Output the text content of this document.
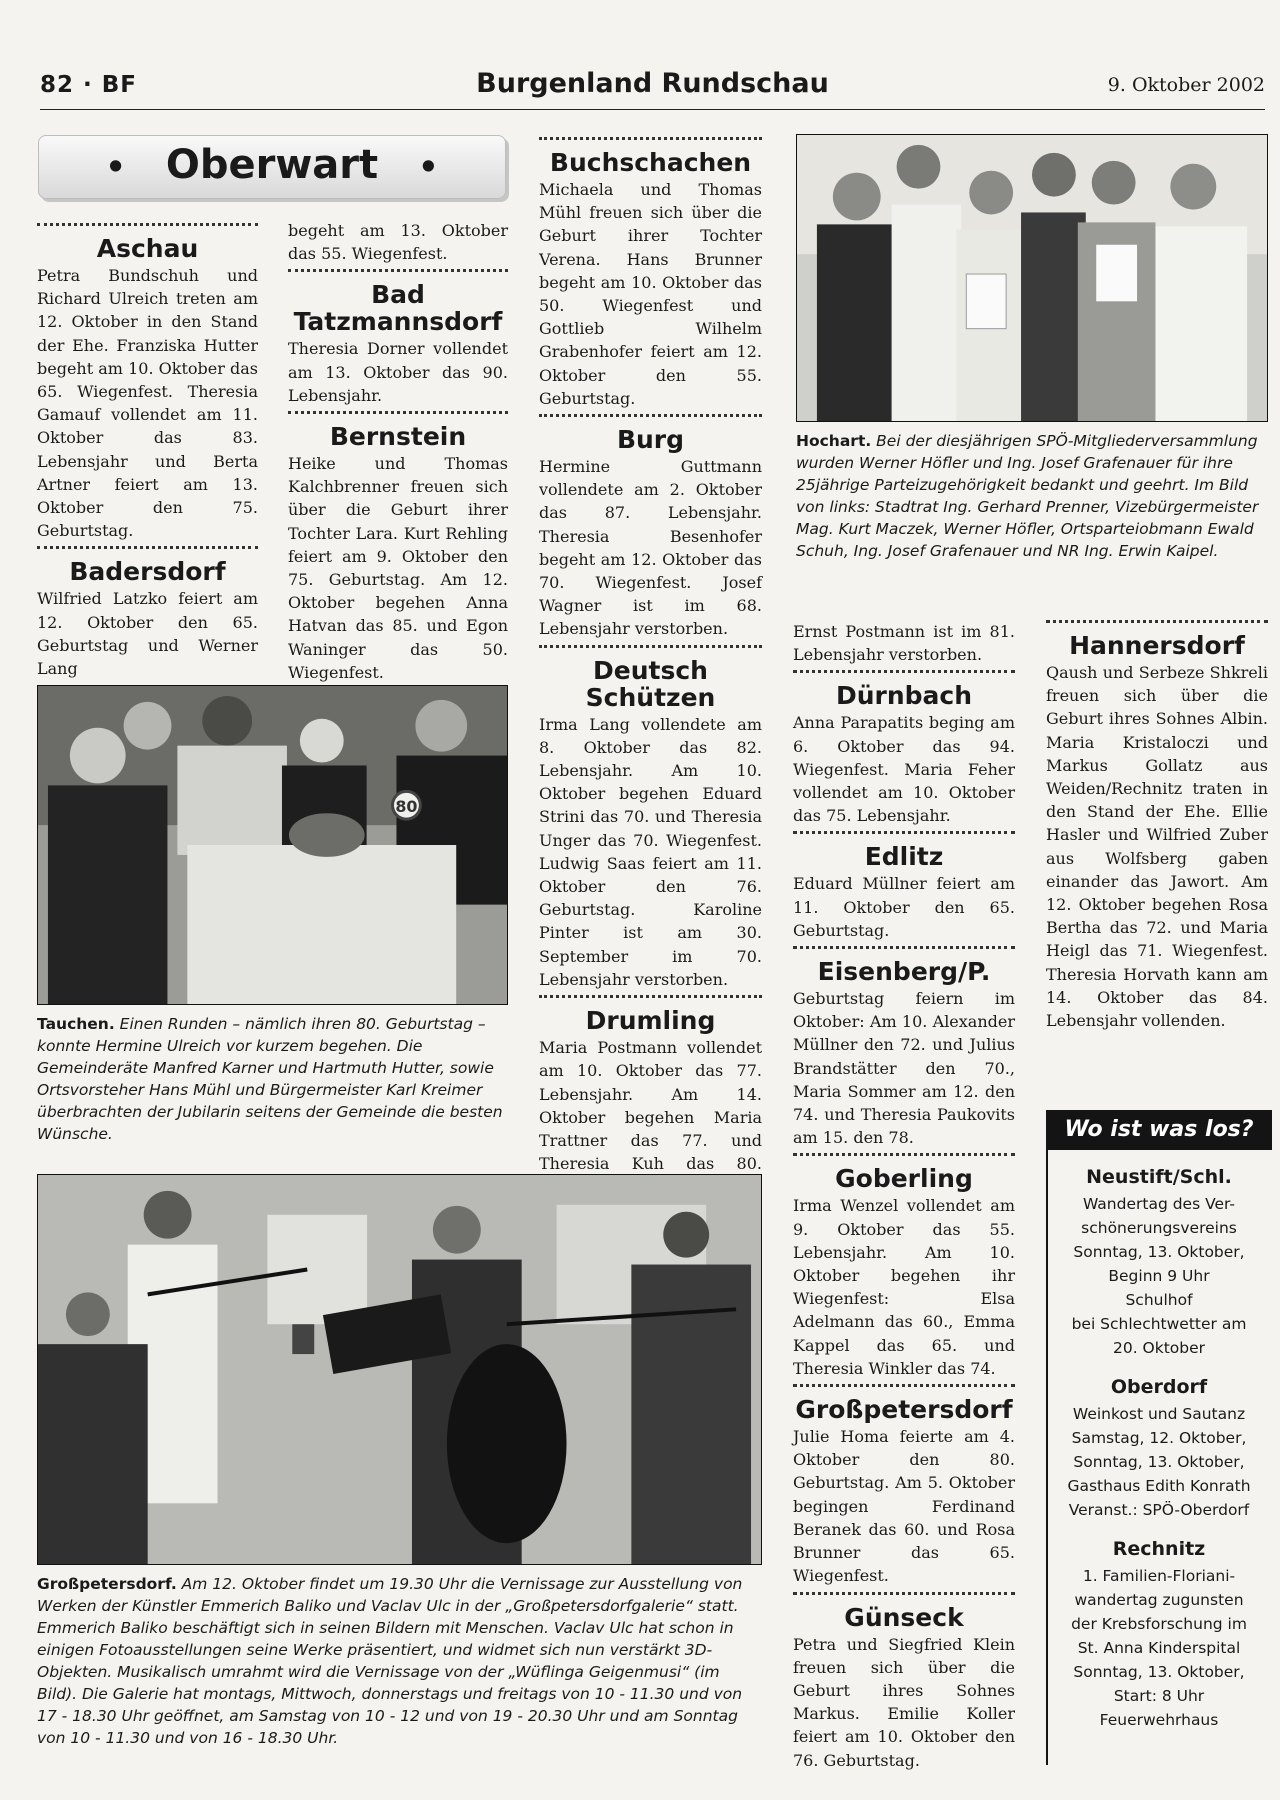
82 · BF	Burgenland Rundschau	9. Oktober 2002
• Oberwart •
Aschau

Petra Bundschuh und Richard Ulreich treten am 12. Oktober in den Stand der Ehe. Franziska Hutter begeht am 10. Oktober das 65. Wiegenfest. Theresia Gamauf vollendet am 11. Oktober das 83. Lebensjahr und Berta Artner feiert am 13. Oktober den 75. Geburtstag.

Badersdorf

Wilfried Latzko feiert am 12. Oktober den 65. Geburtstag und Werner Lang

begeht am 13. Oktober das 55. Wiegenfest.

Bad Tatzmannsdorf

Theresia Dorner vollendet am 13. Oktober das 90. Lebensjahr.

Bernstein

Heike und Thomas Kalchbrenner freuen sich über die Geburt ihrer Tochter Lara. Kurt Rehling feiert am 9. Oktober den 75. Geburtstag. Am 12. Oktober begehen Anna Hatvan das 85. und Egon Waninger das 50. Wiegenfest.

Buchschachen

Michaela und Thomas Mühl freuen sich über die Geburt ihrer Tochter Verena. Hans Brunner begeht am 10. Oktober das 50. Wiegenfest und Gottlieb Wilhelm Grabenhofer feiert am 12. Oktober den 55. Geburtstag.

Burg

Hermine Guttmann vollendete am 2. Oktober das 87. Lebensjahr. Theresia Besenhofer begeht am 12. Oktober das 70. Wiegenfest. Josef Wagner ist im 68. Lebensjahr verstorben.

Deutsch Schützen

Irma Lang vollendete am 8. Oktober das 82. Lebensjahr. Am 10. Oktober begehen Eduard Strini das 70. und Theresia Unger das 70. Wiegenfest. Ludwig Saas feiert am 11. Oktober den 76. Geburtstag. Karoline Pinter ist am 30. September im 70. Lebensjahr verstorben.

Drumling

Maria Postmann vollendet am 10. Oktober das 77. Lebensjahr. Am 14. Oktober begehen Maria Trattner das 77. und Theresia Kuh das 80.

Ernst Postmann ist im 81. Lebensjahr verstorben.

Dürnbach

Anna Parapatits beging am 6. Oktober das 94. Wiegenfest. Maria Feher vollendet am 10. Oktober das 75. Lebensjahr.

Edlitz

Eduard Müllner feiert am 11. Oktober den 65. Geburtstag.

Eisenberg/P.

Geburtstag feiern im Oktober: Am 10. Alexander Müllner den 72. und Julius Brandstätter den 70., Maria Sommer am 12. den 74. und Theresia Paukovits am 15. den 78.

Goberling

Irma Wenzel vollendet am 9. Oktober das 55. Lebensjahr. Am 10. Oktober begehen ihr Wiegenfest: Elsa Adelmann das 60., Emma Kappel das 65. und Theresia Winkler das 74.

Großpetersdorf

Julie Homa feierte am 4. Oktober den 80. Geburtstag. Am 5. Oktober begingen Ferdinand Beranek das 60. und Rosa Brunner das 65. Wiegenfest.

Günseck

Petra und Siegfried Klein freuen sich über die Geburt ihres Sohnes Markus. Emilie Koller feiert am 10. Oktober den 76. Geburtstag.

Hannersdorf

Qaush und Serbeze Shkreli freuen sich über die Geburt ihres Sohnes Albin. Maria Kristaloczi und Markus Gollatz aus Weiden/Rechnitz traten in den Stand der Ehe. Ellie Hasler und Wilfried Zuber aus Wolfsberg gaben einander das Jawort. Am 12. Oktober begehen Rosa Bertha das 72. und Maria Heigl das 71. Wiegenfest. Theresia Horvath kann am 14. Oktober das 84. Lebensjahr vollenden.

Hochart. Bei der diesjährigen SPÖ-Mitgliederversammlung wurden Werner Höfler und Ing. Josef Grafenauer für ihre 25jährige Parteizugehörigkeit bedankt und geehrt. Im Bild von links: Stadtrat Ing. Gerhard Prenner, Vizebürgermeister Mag. Kurt Maczek, Werner Höfler, Ortsparteiobmann Ewald Schuh, Ing. Josef Grafenauer und NR Ing. Erwin Kaipel.
80
Tauchen. Einen Runden – nämlich ihren 80. Geburtstag – konnte Hermine Ulreich vor kurzem begehen. Die Gemeinderäte Manfred Karner und Hartmuth Hutter, sowie Ortsvorsteher Hans Mühl und Bürgermeister Karl Kreimer überbrachten der Jubilarin seitens der Gemeinde die besten Wünsche.
Großpetersdorf. Am 12. Oktober findet um 19.30 Uhr die Vernissage zur Ausstellung von Werken der Künstler Emmerich Baliko und Vaclav Ulc in der „Großpetersdorfgalerie“ statt. Emmerich Baliko beschäftigt sich in seinen Bildern mit Menschen. Vaclav Ulc hat schon in einigen Fotoausstellungen seine Werke präsentiert, und widmet sich nun verstärkt 3D-Objekten. Musikalisch umrahmt wird die Vernissage von der „Wüflinga Geigenmusi“ (im Bild). Die Galerie hat montags, Mittwoch, donnerstags und freitags von 10 - 11.30 und von 17 - 18.30 Uhr geöffnet, am Samstag von 10 - 12 und von 19 - 20.30 Uhr und am Sonntag von 10 - 11.30 und von 16 - 18.30 Uhr.
Wo ist was los?
Neustift/Schl.

Wandertag des Ver-

schönerungsvereins

Sonntag, 13. Oktober,

Beginn 9 Uhr

Schulhof

bei Schlechtwetter am

20. Oktober

Oberdorf

Weinkost und Sautanz

Samstag, 12. Oktober,

Sonntag, 13. Oktober,

Gasthaus Edith Konrath

Veranst.: SPÖ-Oberdorf

Rechnitz

1. Familien-Floriani-

wandertag zugunsten

der Krebsforschung im

St. Anna Kinderspital

Sonntag, 13. Oktober,

Start: 8 Uhr

Feuerwehrhaus
